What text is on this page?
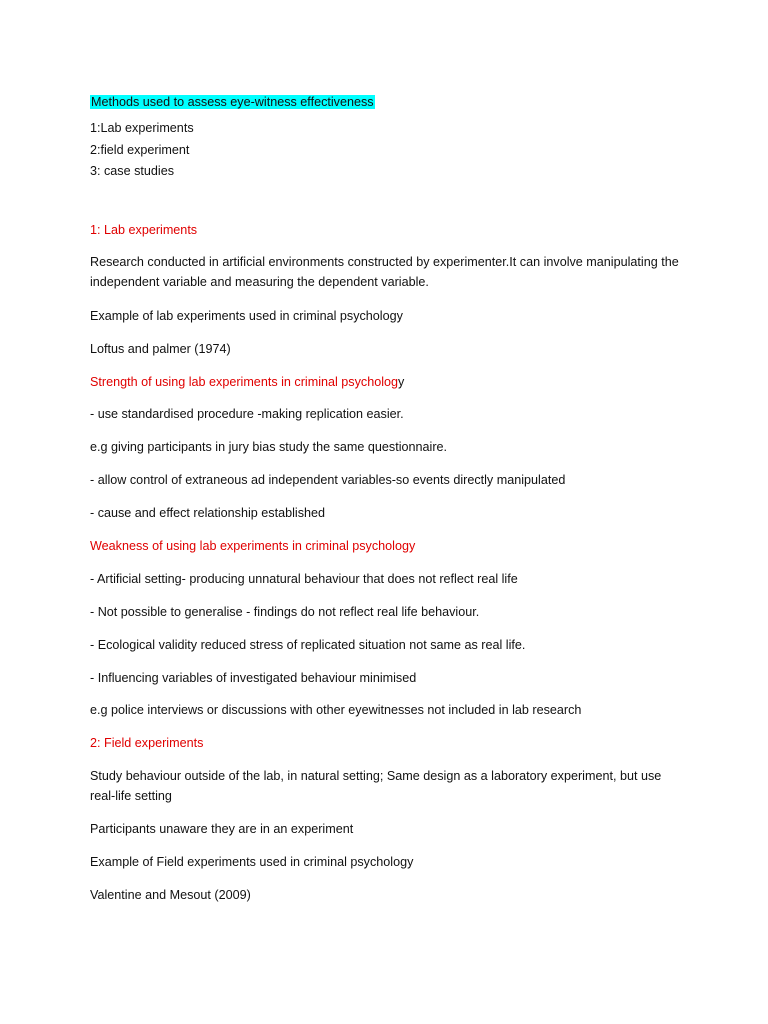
Methods used to assess eye-witness effectiveness
1:Lab experiments
2:field experiment
3: case studies
1: Lab experiments
Research conducted in artificial environments constructed by experimenter.It can involve manipulating the independent variable and measuring the dependent variable.
Example of lab experiments used in criminal psychology
Loftus and palmer (1974)
Strength of using lab experiments in criminal psychology
- use standardised procedure -making replication easier.
e.g giving participants in jury bias study the same questionnaire.
- allow control of extraneous ad independent variables-so events directly manipulated
- cause and effect relationship established
Weakness of using lab experiments in criminal psychology
- Artificial setting- producing unnatural behaviour that does not reflect real life
- Not possible to generalise - findings do not reflect real life behaviour.
- Ecological validity reduced stress of replicated situation not same as real life.
- Influencing variables of investigated behaviour minimised
e.g police interviews or discussions with other eyewitnesses not included in lab research
2: Field experiments
Study behaviour outside of the lab, in natural setting; Same design as a laboratory experiment, but use real-life setting
Participants unaware they are in an experiment
Example of Field experiments used in criminal psychology
Valentine and Mesout (2009)
